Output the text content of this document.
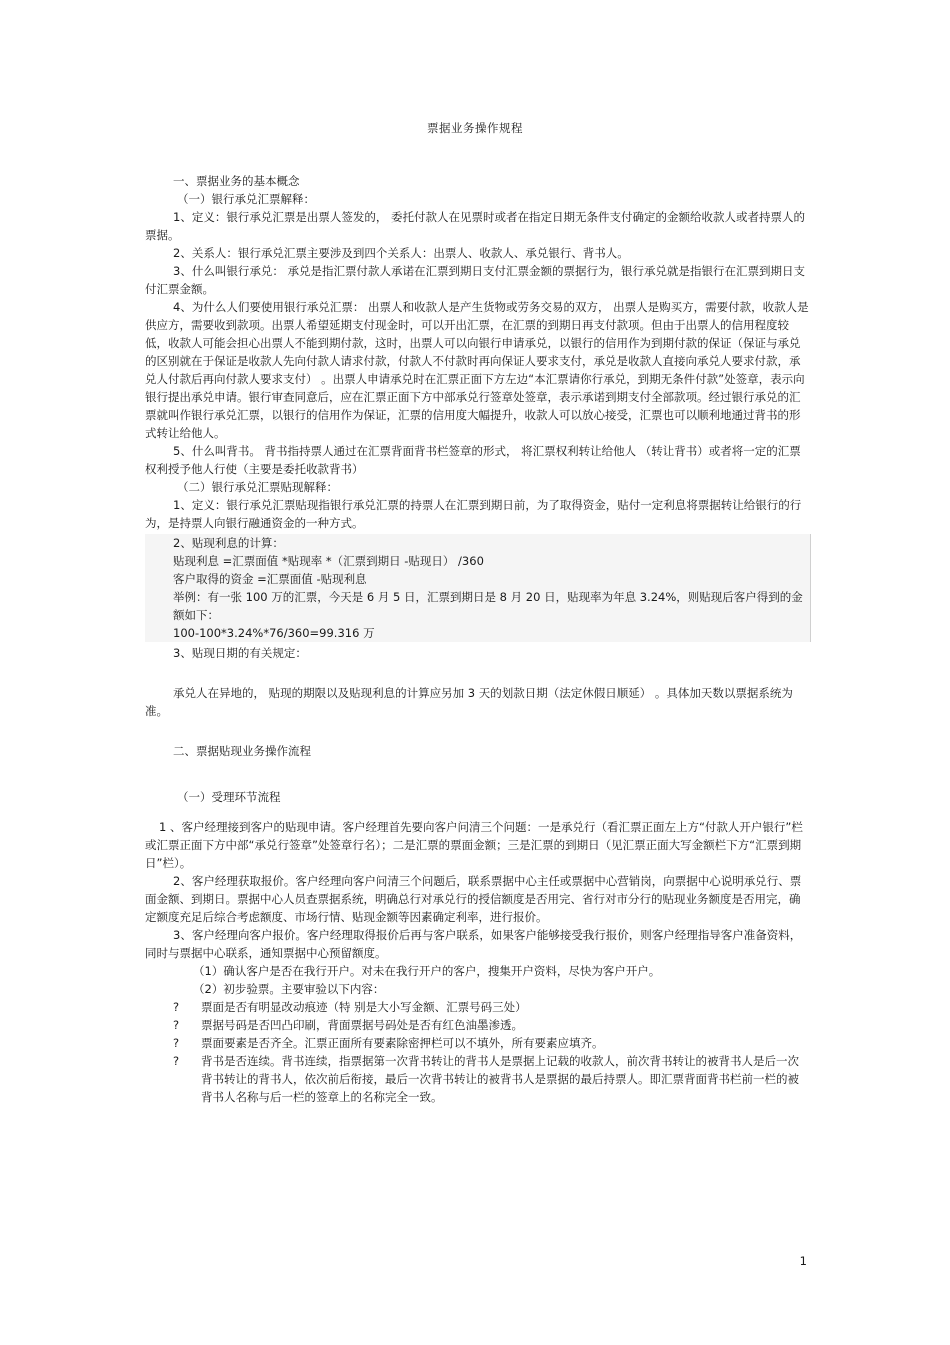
票据业务操作规程

一、票据业务的基本概念

（一）银行承兑汇票解释：

1、定义：银行承兑汇票是出票人签发的， 委托付款人在见票时或者在指定日期无条件支付确定的金额给收款人或者持票人的票据。

2、关系人：银行承兑汇票主要涉及到四个关系人：出票人、收款人、承兑银行、背书人。

3、什么叫银行承兑： 承兑是指汇票付款人承诺在汇票到期日支付汇票金额的票据行为，银行承兑就是指银行在汇票到期日支付汇票金额。

4、为什么人们要使用银行承兑汇票： 出票人和收款人是产生货物或劳务交易的双方， 出票人是购买方，需要付款，收款人是供应方，需要收到款项。出票人希望延期支付现金时，可以开出汇票，在汇票的到期日再支付款项。但由于出票人的信用程度较低，收款人可能会担心出票人不能到期付款，这时，出票人可以向银行申请承兑，以银行的信用作为到期付款的保证（保证与承兑的区别就在于保证是收款人先向付款人请求付款，付款人不付款时再向保证人要求支付，承兑是收款人直接向承兑人要求付款，承兑人付款后再向付款人要求支付） 。出票人申请承兑时在汇票正面下方左边“本汇票请你行承兑，到期无条件付款”处签章，表示向银行提出承兑申请。银行审查同意后，应在汇票正面下方中部承兑行签章处签章，表示承诺到期支付全部款项。经过银行承兑的汇票就叫作银行承兑汇票，以银行的信用作为保证，汇票的信用度大幅提升，收款人可以放心接受，汇票也可以顺利地通过背书的形式转让给他人。

5、什么叫背书。 背书指持票人通过在汇票背面背书栏签章的形式， 将汇票权利转让给他人 （转让背书）或者将一定的汇票权利授予他人行使（主要是委托收款背书）

（二）银行承兑汇票贴现解释：

1、定义：银行承兑汇票贴现指银行承兑汇票的持票人在汇票到期日前，为了取得资金，贴付一定利息将票据转让给银行的行为，是持票人向银行融通资金的一种方式。

2、贴现利息的计算：

贴现利息 =汇票面值 *贴现率 *（汇票到期日 -贴现日） /360

客户取得的资金 =汇票面值 -贴现利息

举例：有一张 100 万的汇票，今天是 6 月 5 日，汇票到期日是 8 月 20 日，贴现率为年息 3.24%，则贴现后客户得到的金额如下：

100-100*3.24%*76/360=99.316 万

3、贴现日期的有关规定：

承兑人在异地的， 贴现的期限以及贴现利息的计算应另加 3 天的划款日期（法定休假日顺延） 。具体加天数以票据系统为准。

二、票据贴现业务操作流程

（一）受理环节流程

1 、客户经理接到客户的贴现申请。客户经理首先要向客户问清三个问题：一是承兑行（看汇票正面左上方“付款人开户银行”栏或汇票正面下方中部“承兑行签章”处签章行名）；二是汇票的票面金额；三是汇票的到期日（见汇票正面大写金额栏下方“汇票到期日”栏）。

2、客户经理获取报价。客户经理向客户问清三个问题后，联系票据中心主任或票据中心营销岗，向票据中心说明承兑行、票面金额、到期日。票据中心人员查票据系统，明确总行对承兑行的授信额度是否用完、省行对市分行的贴现业务额度是否用完，确定额度充足后综合考虑额度、市场行情、贴现金额等因素确定利率，进行报价。

3、客户经理向客户报价。客户经理取得报价后再与客户联系，如果客户能够接受我行报价，则客户经理指导客户准备资料，同时与票据中心联系，通知票据中心预留额度。

（1）确认客户是否在我行开户。对未在我行开户的客户，搜集开户资料，尽快为客户开户。

（2）初步验票。主要审验以下内容：

? 票面是否有明显改动痕迹（特 别是大小写金额、汇票号码三处）
? 票据号码是否凹凸印刷，背面票据号码处是否有红色油墨渗透。
? 票面要素是否齐全。汇票正面所有要素除密押栏可以不填外，所有要素应填齐。
? 背书是否连续。背书连续，指票据第一次背书转让的背书人是票据上记载的收款人，前次背书转让的被背书人是后一次背书转让的背书人，依次前后衔接，最后一次背书转让的被背书人是票据的最后持票人。即汇票背面背书栏前一栏的被背书人名称与后一栏的签章上的名称完全一致。
1
